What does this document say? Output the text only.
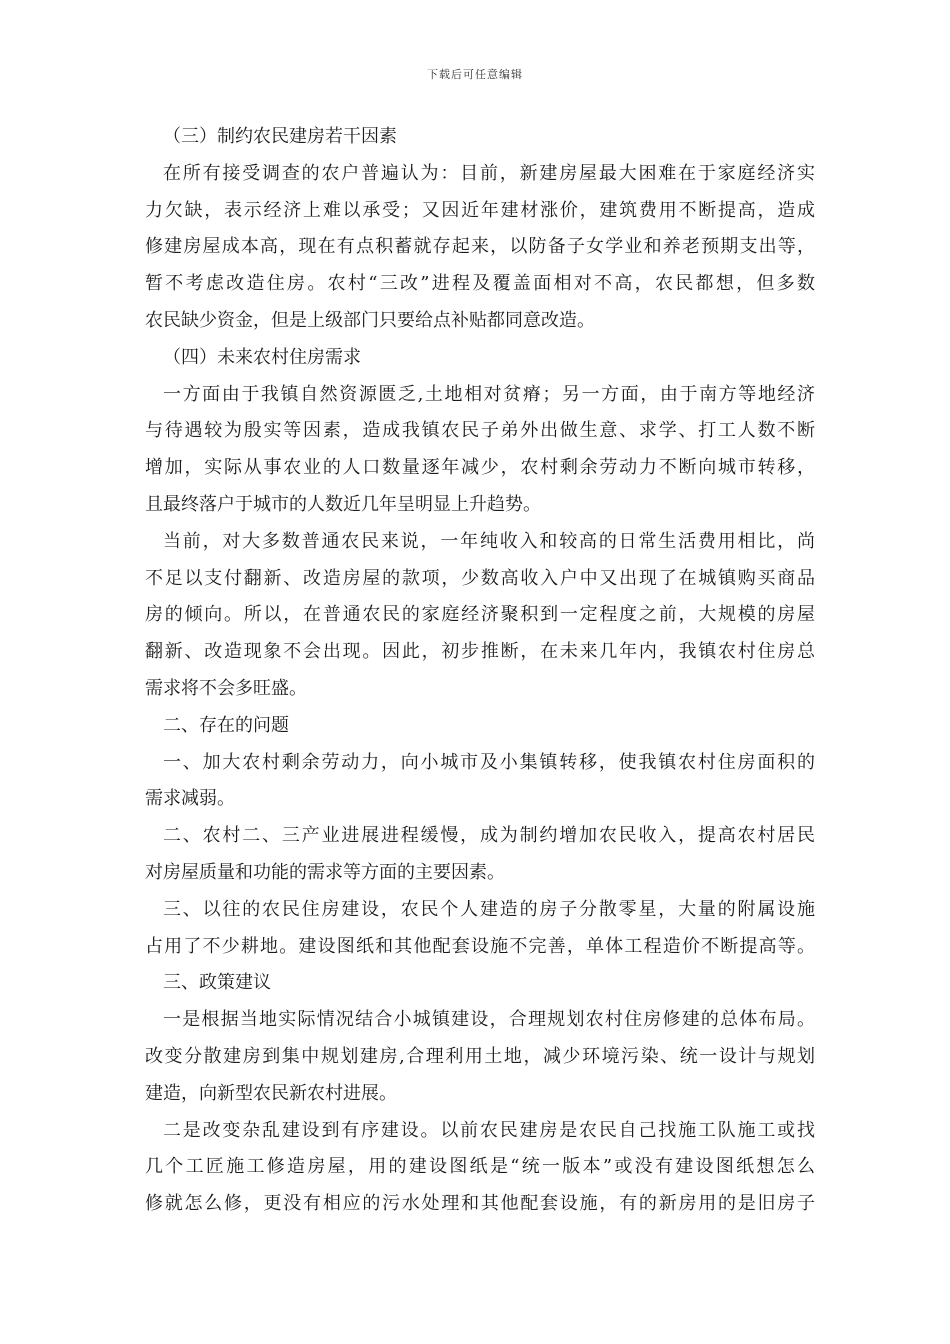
下载后可任意编辑
（三）制约农民建房若干因素
在所有接受调查的农户普遍认为：目前，新建房屋最大困难在于家庭经济实
力欠缺，表示经济上难以承受；又因近年建材涨价，建筑费用不断提高，造成
修建房屋成本高，现在有点积蓄就存起来，以防备子女学业和养老预期支出等，
暂不考虑改造住房。农村“三改”进程及覆盖面相对不高，农民都想，但多数
农民缺少资金，但是上级部门只要给点补贴都同意改造。
（四）未来农村住房需求
一方面由于我镇自然资源匮乏,土地相对贫瘠；另一方面，由于南方等地经济
与待遇较为殷实等因素，造成我镇农民子弟外出做生意、求学、打工人数不断
增加，实际从事农业的人口数量逐年减少，农村剩余劳动力不断向城市转移，
且最终落户于城市的人数近几年呈明显上升趋势。
当前，对大多数普通农民来说，一年纯收入和较高的日常生活费用相比，尚
不足以支付翻新、改造房屋的款项，少数高收入户中又出现了在城镇购买商品
房的倾向。所以，在普通农民的家庭经济聚积到一定程度之前，大规模的房屋
翻新、改造现象不会出现。因此，初步推断，在未来几年内，我镇农村住房总
需求将不会多旺盛。
二、存在的问题
一、加大农村剩余劳动力，向小城市及小集镇转移，使我镇农村住房面积的
需求减弱。
二、农村二、三产业进展进程缓慢，成为制约增加农民收入，提高农村居民
对房屋质量和功能的需求等方面的主要因素。
三、以往的农民住房建设，农民个人建造的房子分散零星，大量的附属设施
占用了不少耕地。建设图纸和其他配套设施不完善，单体工程造价不断提高等。
三、政策建议
一是根据当地实际情况结合小城镇建设，合理规划农村住房修建的总体布局。
改变分散建房到集中规划建房,合理利用土地，减少环境污染、统一设计与规划
建造，向新型农民新农村进展。
二是改变杂乱建设到有序建设。以前农民建房是农民自己找施工队施工或找
几个工匠施工修造房屋，用的建设图纸是“统一版本”或没有建设图纸想怎么
修就怎么修，更没有相应的污水处理和其他配套设施，有的新房用的是旧房子
